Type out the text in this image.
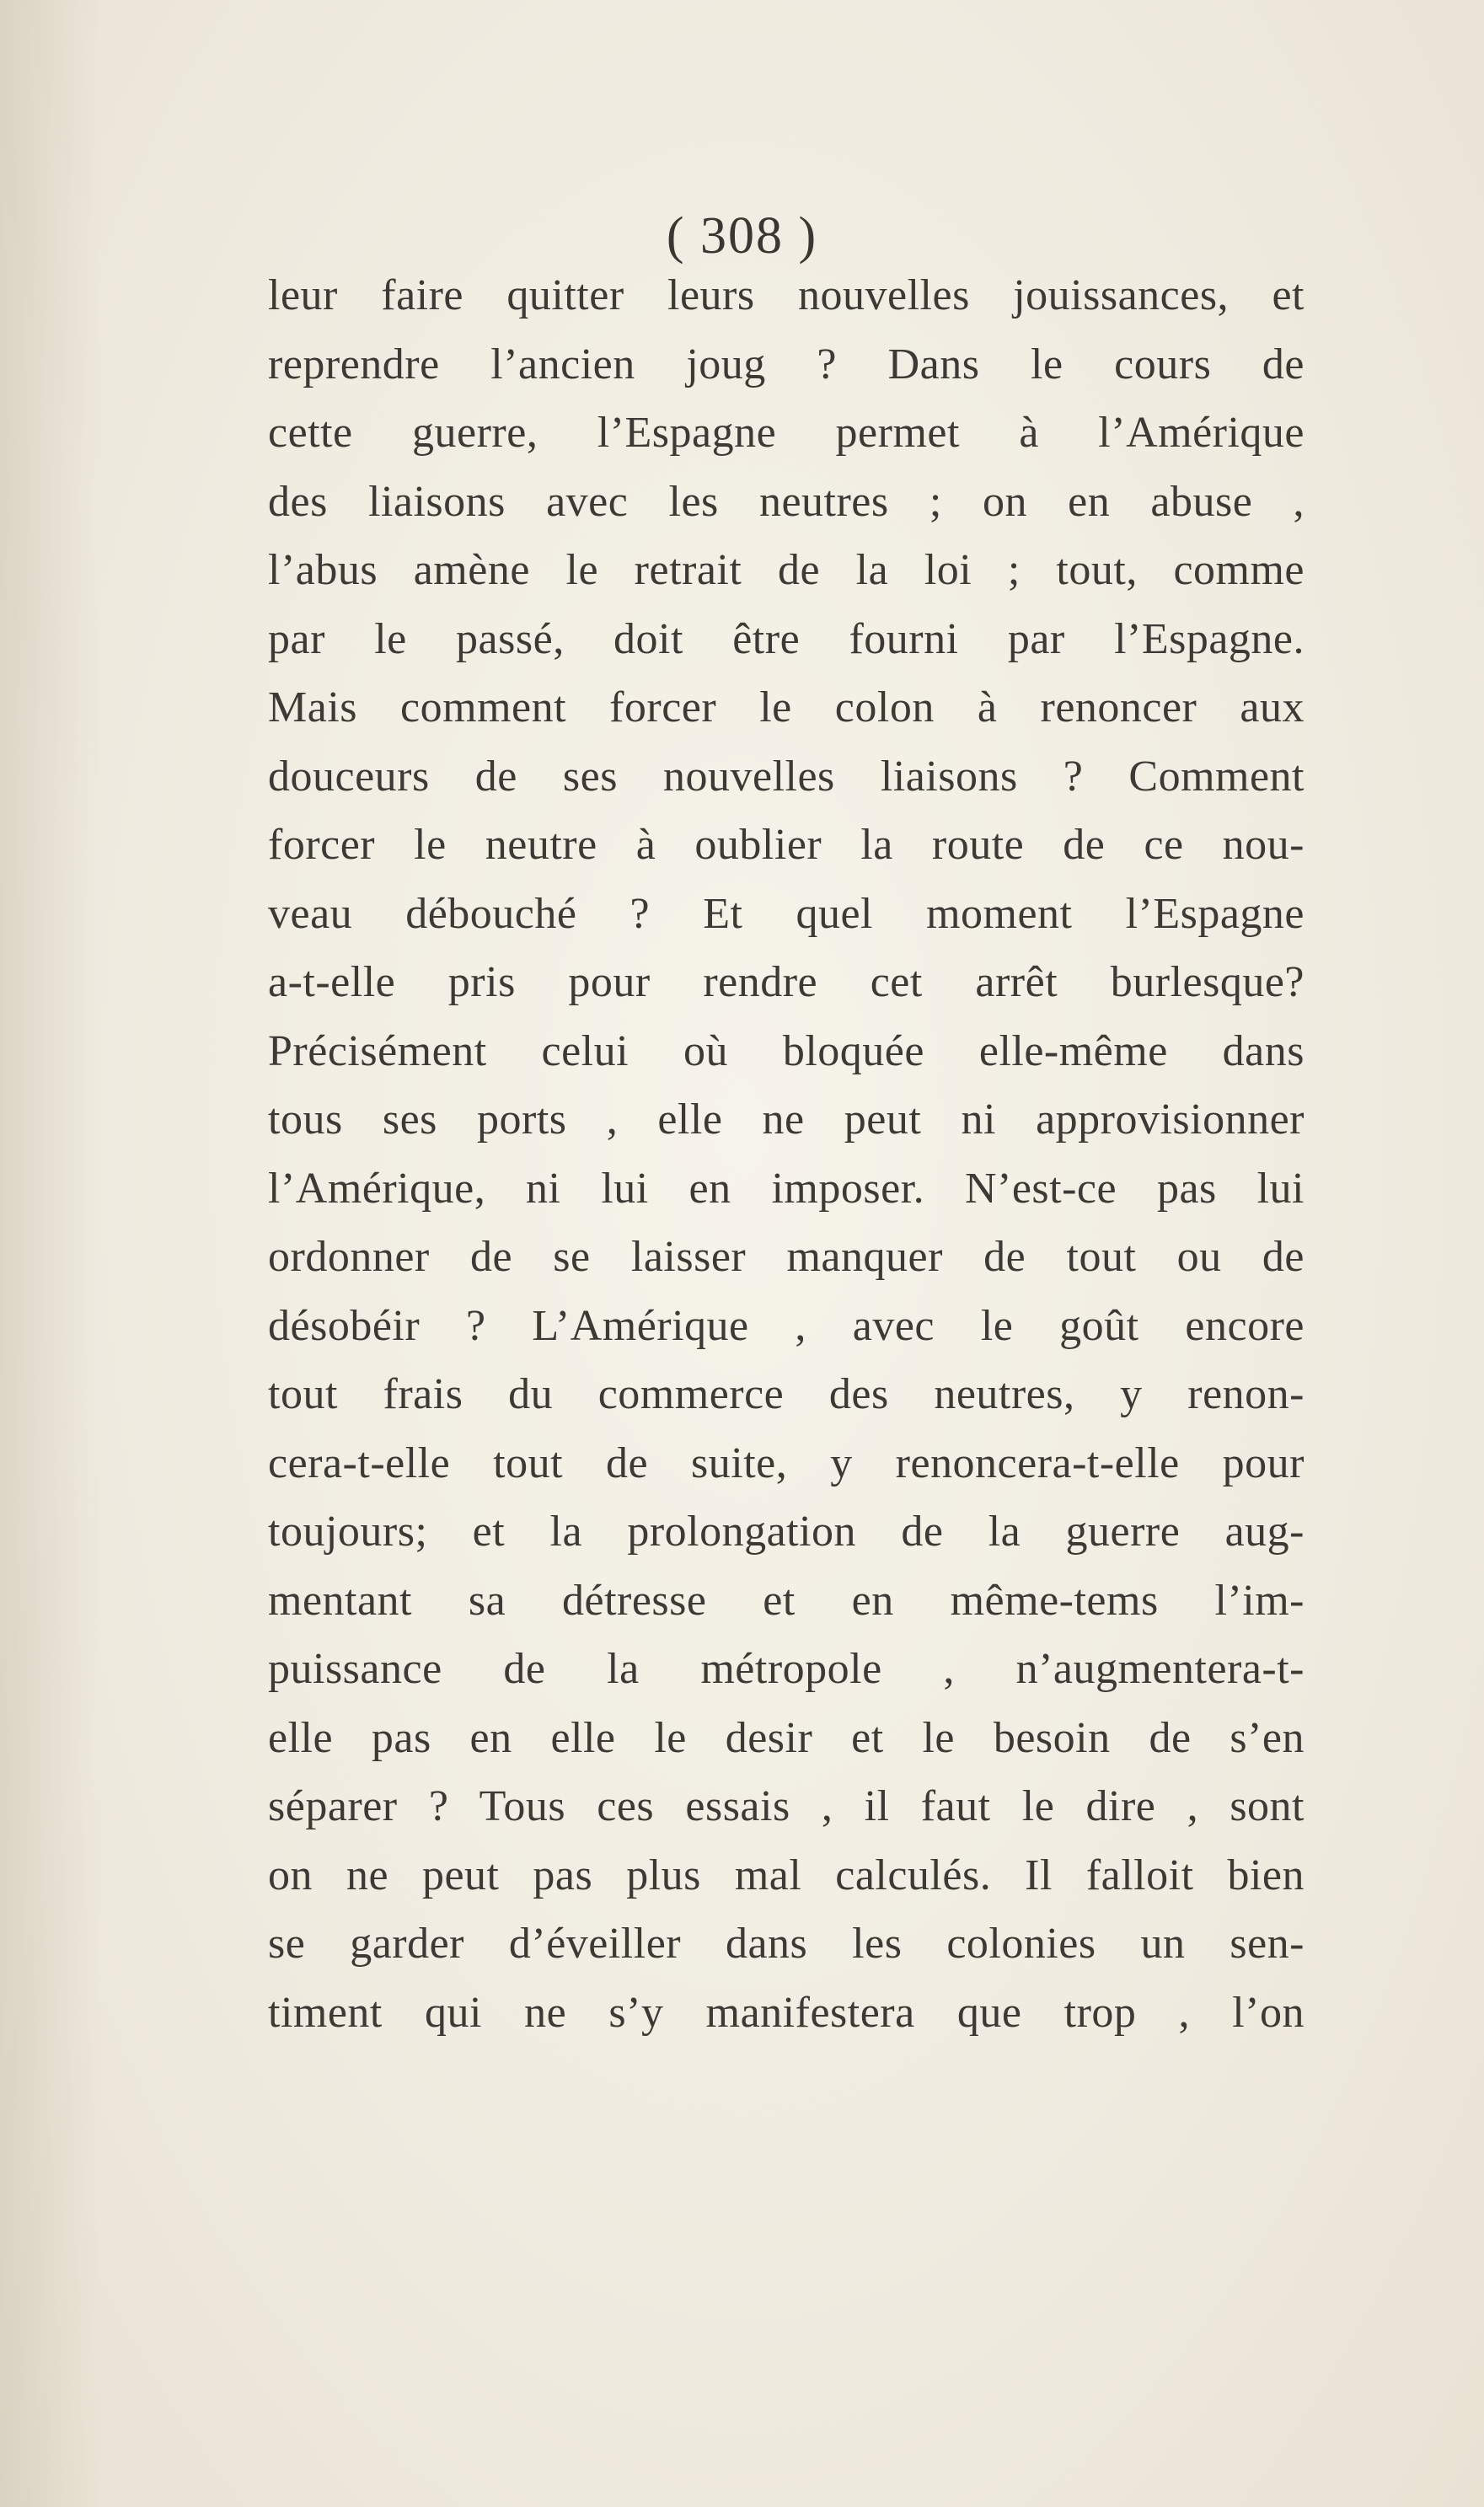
( 308 )
leur faire quitter leurs nouvelles jouissances, et
reprendre l’ancien joug ? Dans le cours de
cette guerre, l’Espagne permet à l’Amérique
des liaisons avec les neutres ; on en abuse ,
l’abus amène le retrait de la loi ; tout, comme
par le passé, doit être fourni par l’Espagne.
Mais comment forcer le colon à renoncer aux
douceurs de ses nouvelles liaisons ? Comment
forcer le neutre à oublier la route de ce nou-
veau débouché ? Et quel moment l’Espagne
a-t-elle pris pour rendre cet arrêt burlesque?
Précisément celui où bloquée elle-même dans
tous ses ports , elle ne peut ni approvisionner
l’Amérique, ni lui en imposer. N’est-ce pas lui
ordonner de se laisser manquer de tout ou de
désobéir ? L’Amérique , avec le goût encore
tout frais du commerce des neutres, y renon-
cera-t-elle tout de suite, y renoncera-t-elle pour
toujours; et la prolongation de la guerre aug-
mentant sa détresse et en même-tems l’im-
puissance de la métropole , n’augmentera-t-
elle pas en elle le desir et le besoin de s’en
séparer ? Tous ces essais , il faut le dire , sont
on ne peut pas plus mal calculés. Il falloit bien
se garder d’éveiller dans les colonies un sen-
timent qui ne s’y manifestera que trop , l’on
